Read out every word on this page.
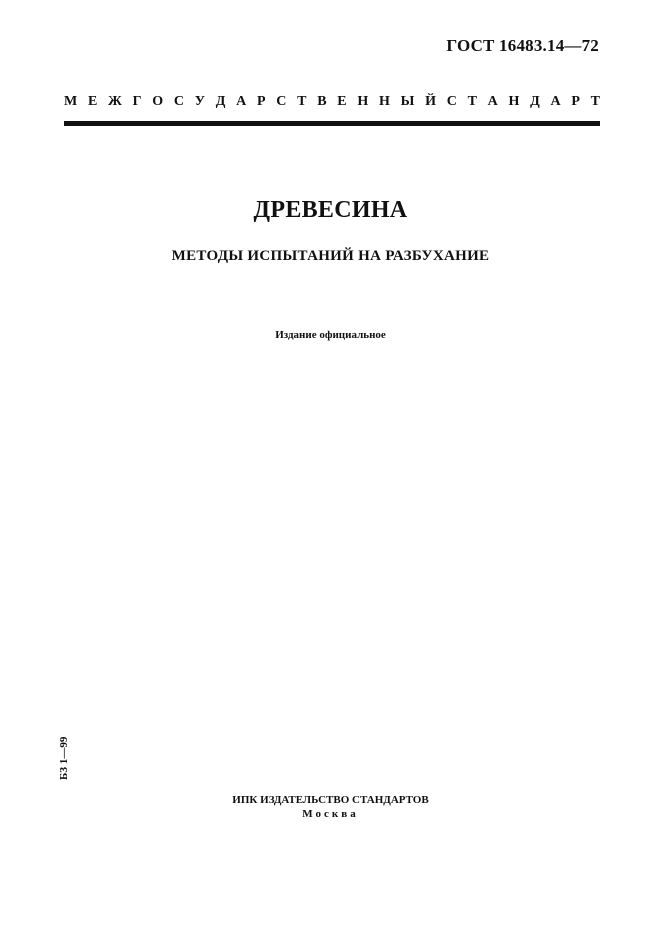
ГОСТ 16483.14—72
М Е Ж Г О С У Д А Р С Т В Е Н Н Ы Й С Т А Н Д А Р Т
ДРЕВЕСИНА
МЕТОДЫ ИСПЫТАНИЙ НА РАЗБУХАНИЕ
Издание официальное
БЗ 1—99
ИПК ИЗДАТЕЛЬСТВО СТАНДАРТОВ
Москва
